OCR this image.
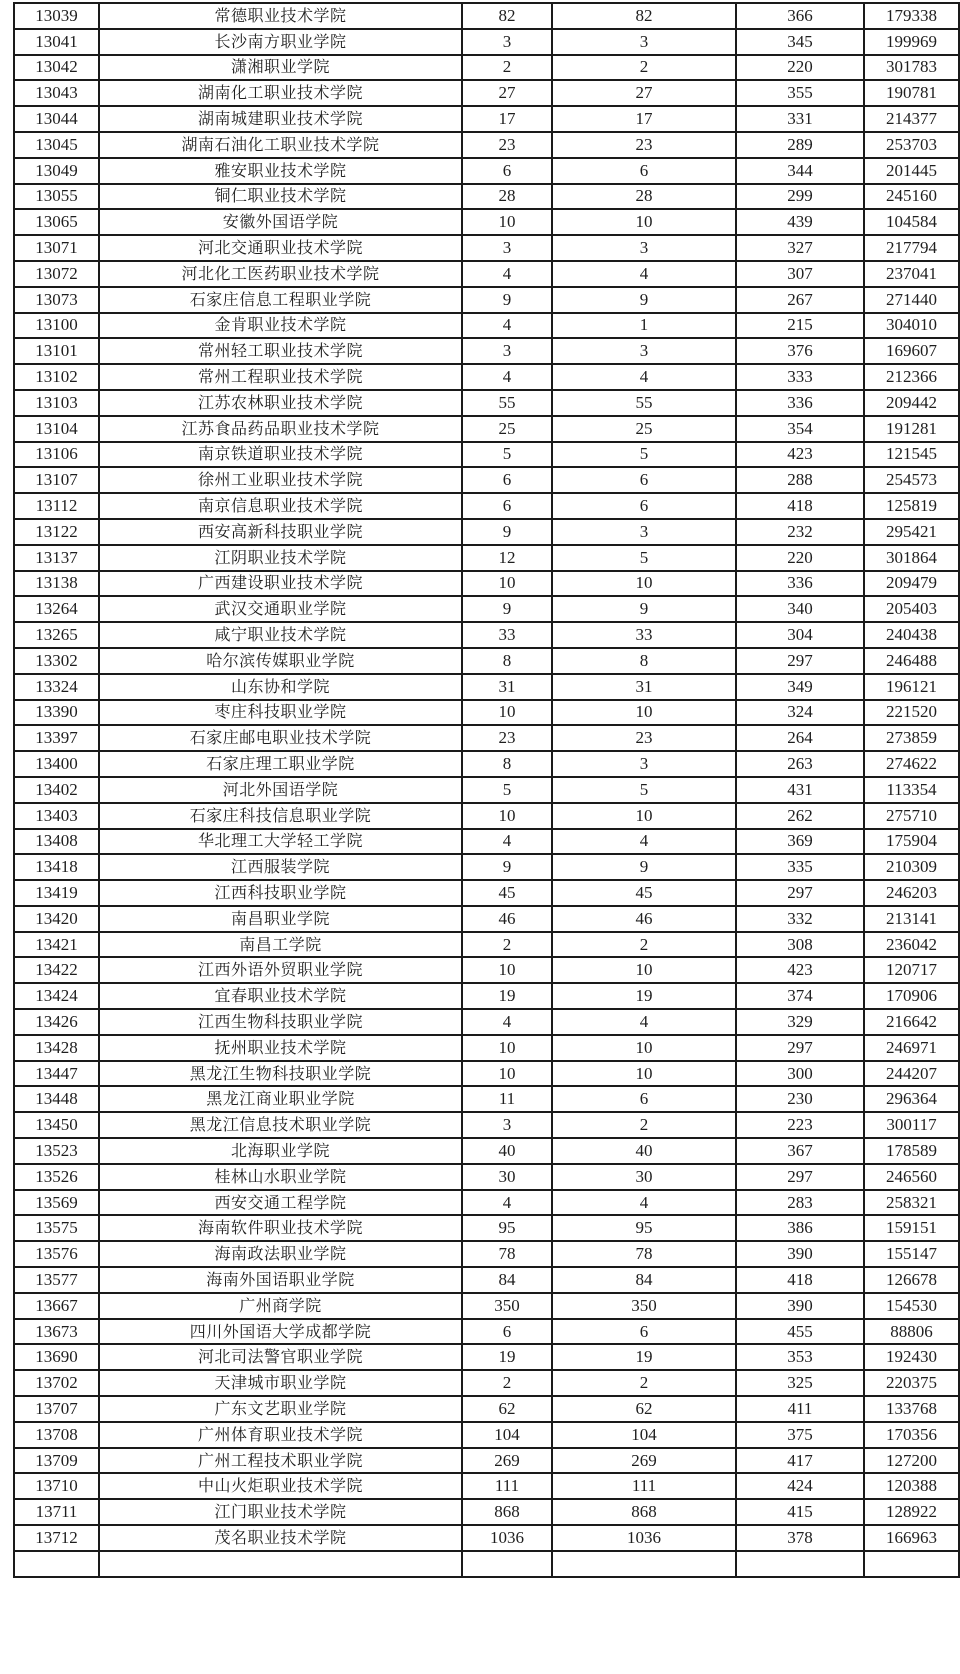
13039	常德职业技术学院	82	82	366	179338
13041	长沙南方职业学院	3	3	345	199969
13042	潇湘职业学院	2	2	220	301783
13043	湖南化工职业技术学院	27	27	355	190781
13044	湖南城建职业技术学院	17	17	331	214377
13045	湖南石油化工职业技术学院	23	23	289	253703
13049	雅安职业技术学院	6	6	344	201445
13055	铜仁职业技术学院	28	28	299	245160
13065	安徽外国语学院	10	10	439	104584
13071	河北交通职业技术学院	3	3	327	217794
13072	河北化工医药职业技术学院	4	4	307	237041
13073	石家庄信息工程职业学院	9	9	267	271440
13100	金肯职业技术学院	4	1	215	304010
13101	常州轻工职业技术学院	3	3	376	169607
13102	常州工程职业技术学院	4	4	333	212366
13103	江苏农林职业技术学院	55	55	336	209442
13104	江苏食品药品职业技术学院	25	25	354	191281
13106	南京铁道职业技术学院	5	5	423	121545
13107	徐州工业职业技术学院	6	6	288	254573
13112	南京信息职业技术学院	6	6	418	125819
13122	西安高新科技职业学院	9	3	232	295421
13137	江阴职业技术学院	12	5	220	301864
13138	广西建设职业技术学院	10	10	336	209479
13264	武汉交通职业学院	9	9	340	205403
13265	咸宁职业技术学院	33	33	304	240438
13302	哈尔滨传媒职业学院	8	8	297	246488
13324	山东协和学院	31	31	349	196121
13390	枣庄科技职业学院	10	10	324	221520
13397	石家庄邮电职业技术学院	23	23	264	273859
13400	石家庄理工职业学院	8	3	263	274622
13402	河北外国语学院	5	5	431	113354
13403	石家庄科技信息职业学院	10	10	262	275710
13408	华北理工大学轻工学院	4	4	369	175904
13418	江西服装学院	9	9	335	210309
13419	江西科技职业学院	45	45	297	246203
13420	南昌职业学院	46	46	332	213141
13421	南昌工学院	2	2	308	236042
13422	江西外语外贸职业学院	10	10	423	120717
13424	宜春职业技术学院	19	19	374	170906
13426	江西生物科技职业学院	4	4	329	216642
13428	抚州职业技术学院	10	10	297	246971
13447	黑龙江生物科技职业学院	10	10	300	244207
13448	黑龙江商业职业学院	11	6	230	296364
13450	黑龙江信息技术职业学院	3	2	223	300117
13523	北海职业学院	40	40	367	178589
13526	桂林山水职业学院	30	30	297	246560
13569	西安交通工程学院	4	4	283	258321
13575	海南软件职业技术学院	95	95	386	159151
13576	海南政法职业学院	78	78	390	155147
13577	海南外国语职业学院	84	84	418	126678
13667	广州商学院	350	350	390	154530
13673	四川外国语大学成都学院	6	6	455	88806
13690	河北司法警官职业学院	19	19	353	192430
13702	天津城市职业学院	2	2	325	220375
13707	广东文艺职业学院	62	62	411	133768
13708	广州体育职业技术学院	104	104	375	170356
13709	广州工程技术职业学院	269	269	417	127200
13710	中山火炬职业技术学院	111	111	424	120388
13711	江门职业技术学院	868	868	415	128922
13712	茂名职业技术学院	1036	1036	378	166963
